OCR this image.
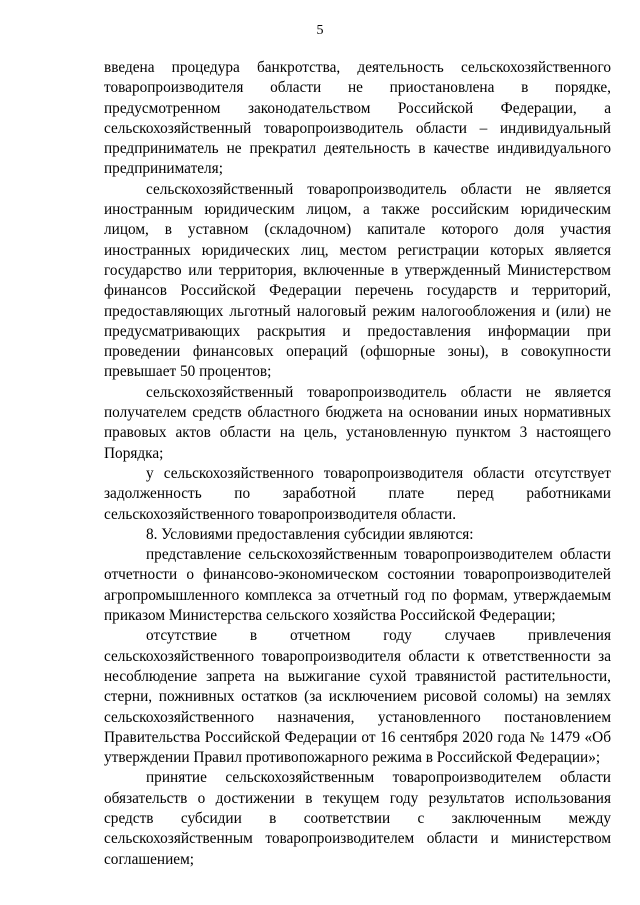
5

введена процедура банкротства, деятельность сельскохозяйственного товаропроизводителя области не приостановлена в порядке, предусмотренном законодательством Российской Федерации, а сельскохозяйственный товаропроизводитель области – индивидуальный предприниматель не прекратил деятельность в качестве индивидуального предпринимателя;

сельскохозяйственный товаропроизводитель области не является иностранным юридическим лицом, а также российским юридическим лицом, в уставном (складочном) капитале которого доля участия иностранных юридических лиц, местом регистрации которых является государство или территория, включенные в утвержденный Министерством финансов Российской Федерации перечень государств и территорий, предоставляющих льготный налоговый режим налогообложения и (или) не предусматривающих раскрытия и предоставления информации при проведении финансовых операций (офшорные зоны), в совокупности превышает 50 процентов;

сельскохозяйственный товаропроизводитель области не является получателем средств областного бюджета на основании иных нормативных правовых актов области на цель, установленную пунктом 3 настоящего Порядка;

у сельскохозяйственного товаропроизводителя области отсутствует задолженность по заработной плате перед работниками сельскохозяйственного товаропроизводителя области.

8. Условиями предоставления субсидии являются:

представление сельскохозяйственным товаропроизводителем области отчетности о финансово-экономическом состоянии товаропроизводителей агропромышленного комплекса за отчетный год по формам, утверждаемым приказом Министерства сельского хозяйства Российской Федерации;

отсутствие в отчетном году случаев привлечения сельскохозяйственного товаропроизводителя области к ответственности за несоблюдение запрета на выжигание сухой травянистой растительности, стерни, пожнивных остатков (за исключением рисовой соломы) на землях сельскохозяйственного назначения, установленного постановлением Правительства Российской Федерации от 16 сентября 2020 года № 1479 «Об утверждении Правил противопожарного режима в Российской Федерации»;

принятие сельскохозяйственным товаропроизводителем области обязательств о достижении в текущем году результатов использования средств субсидии в соответствии с заключенным между сельскохозяйственным товаропроизводителем области и министерством соглашением;
